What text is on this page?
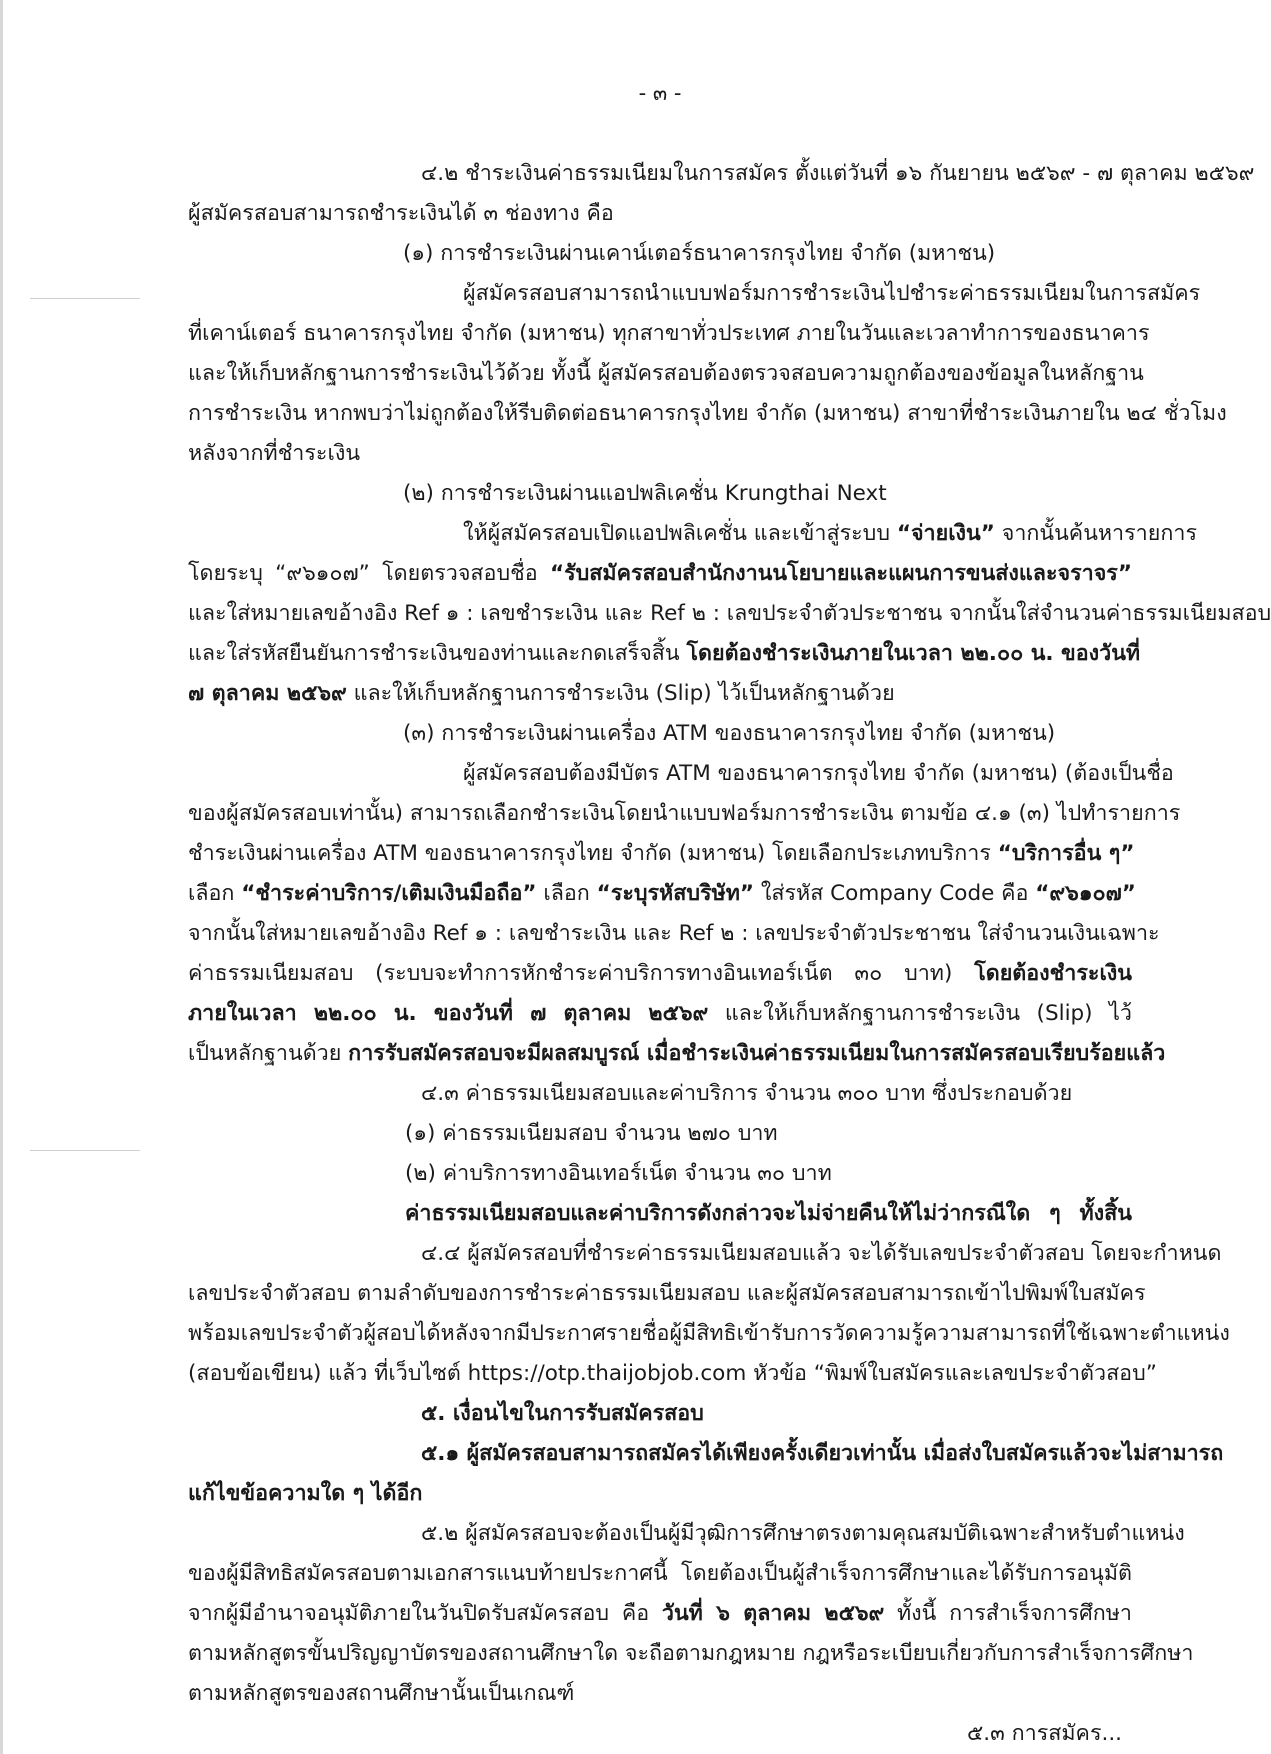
- ๓ -
๔.๒ ชำระเงินค่าธรรมเนียมในการสมัคร ตั้งแต่วันที่ ๑๖ กันยายน ๒๕๖๙ - ๗ ตุลาคม ๒๕๖๙
ผู้สมัครสอบสามารถชำระเงินได้ ๓ ช่องทาง คือ
(๑) การชำระเงินผ่านเคาน์เตอร์ธนาคารกรุงไทย จำกัด (มหาชน)
ผู้สมัครสอบสามารถนำแบบฟอร์มการชำระเงินไปชำระค่าธรรมเนียมในการสมัคร
ที่เคาน์เตอร์ ธนาคารกรุงไทย จำกัด (มหาชน) ทุกสาขาทั่วประเทศ ภายในวันและเวลาทำการของธนาคาร
และให้เก็บหลักฐานการชำระเงินไว้ด้วย ทั้งนี้ ผู้สมัครสอบต้องตรวจสอบความถูกต้องของข้อมูลในหลักฐาน
การชำระเงิน หากพบว่าไม่ถูกต้องให้รีบติดต่อธนาคารกรุงไทย จำกัด (มหาชน) สาขาที่ชำระเงินภายใน ๒๔ ชั่วโมง
หลังจากที่ชำระเงิน
(๒) การชำระเงินผ่านแอปพลิเคชั่น Krungthai Next
ให้ผู้สมัครสอบเปิดแอปพลิเคชั่น และเข้าสู่ระบบ “จ่ายเงิน” จากนั้นค้นหารายการ
โดยระบุ “๙๖๑๐๗” โดยตรวจสอบชื่อ “รับสมัครสอบสำนักงานนโยบายและแผนการขนส่งและจราจร”
และใส่หมายเลขอ้างอิง Ref ๑ : เลขชำระเงิน และ Ref ๒ : เลขประจำตัวประชาชน จากนั้นใส่จำนวนค่าธรรมเนียมสอบ
และใส่รหัสยืนยันการชำระเงินของท่านและกดเสร็จสิ้น โดยต้องชำระเงินภายในเวลา ๒๒.๐๐ น. ของวันที่
๗ ตุลาคม ๒๕๖๙ และให้เก็บหลักฐานการชำระเงิน (Slip) ไว้เป็นหลักฐานด้วย
(๓) การชำระเงินผ่านเครื่อง ATM ของธนาคารกรุงไทย จำกัด (มหาชน)
ผู้สมัครสอบต้องมีบัตร ATM ของธนาคารกรุงไทย จำกัด (มหาชน) (ต้องเป็นชื่อ
ของผู้สมัครสอบเท่านั้น) สามารถเลือกชำระเงินโดยนำแบบฟอร์มการชำระเงิน ตามข้อ ๔.๑ (๓) ไปทำรายการ
ชำระเงินผ่านเครื่อง ATM ของธนาคารกรุงไทย จำกัด (มหาชน) โดยเลือกประเภทบริการ “บริการอื่น ๆ”
เลือก “ชำระค่าบริการ/เติมเงินมือถือ” เลือก “ระบุรหัสบริษัท” ใส่รหัส Company Code คือ “๙๖๑๐๗”
จากนั้นใส่หมายเลขอ้างอิง Ref ๑ : เลขชำระเงิน และ Ref ๒ : เลขประจำตัวประชาชน ใส่จำนวนเงินเฉพาะ
ค่าธรรมเนียมสอบ (ระบบจะทำการหักชำระค่าบริการทางอินเทอร์เน็ต ๓๐ บาท) โดยต้องชำระเงิน
ภายในเวลา ๒๒.๐๐ น. ของวันที่ ๗ ตุลาคม ๒๕๖๙ และให้เก็บหลักฐานการชำระเงิน (Slip) ไว้
เป็นหลักฐานด้วย การรับสมัครสอบจะมีผลสมบูรณ์ เมื่อชำระเงินค่าธรรมเนียมในการสมัครสอบเรียบร้อยแล้ว
๔.๓ ค่าธรรมเนียมสอบและค่าบริการ จำนวน ๓๐๐ บาท ซึ่งประกอบด้วย
(๑) ค่าธรรมเนียมสอบ จำนวน ๒๗๐ บาท
(๒) ค่าบริการทางอินเทอร์เน็ต จำนวน ๓๐ บาท
ค่าธรรมเนียมสอบและค่าบริการดังกล่าวจะไม่จ่ายคืนให้ไม่ว่ากรณีใด ๆ ทั้งสิ้น
๔.๔ ผู้สมัครสอบที่ชำระค่าธรรมเนียมสอบแล้ว จะได้รับเลขประจำตัวสอบ โดยจะกำหนด
เลขประจำตัวสอบ ตามลำดับของการชำระค่าธรรมเนียมสอบ และผู้สมัครสอบสามารถเข้าไปพิมพ์ใบสมัคร
พร้อมเลขประจำตัวผู้สอบได้หลังจากมีประกาศรายชื่อผู้มีสิทธิเข้ารับการวัดความรู้ความสามารถที่ใช้เฉพาะตำแหน่ง
(สอบข้อเขียน) แล้ว ที่เว็บไซต์ https://otp.thaijobjob.com หัวข้อ “พิมพ์ใบสมัครและเลขประจำตัวสอบ”
๕. เงื่อนไขในการรับสมัครสอบ
๕.๑ ผู้สมัครสอบสามารถสมัครได้เพียงครั้งเดียวเท่านั้น เมื่อส่งใบสมัครแล้วจะไม่สามารถ
แก้ไขข้อความใด ๆ ได้อีก
๕.๒ ผู้สมัครสอบจะต้องเป็นผู้มีวุฒิการศึกษาตรงตามคุณสมบัติเฉพาะสำหรับตำแหน่ง
ของผู้มีสิทธิสมัครสอบตามเอกสารแนบท้ายประกาศนี้ โดยต้องเป็นผู้สำเร็จการศึกษาและได้รับการอนุมัติ
จากผู้มีอำนาจอนุมัติภายในวันปิดรับสมัครสอบ คือ วันที่ ๖ ตุลาคม ๒๕๖๙ ทั้งนี้ การสำเร็จการศึกษา
ตามหลักสูตรขั้นปริญญาบัตรของสถานศึกษาใด จะถือตามกฎหมาย กฎหรือระเบียบเกี่ยวกับการสำเร็จการศึกษา
ตามหลักสูตรของสถานศึกษานั้นเป็นเกณฑ์
๕.๓ การสมัคร...
